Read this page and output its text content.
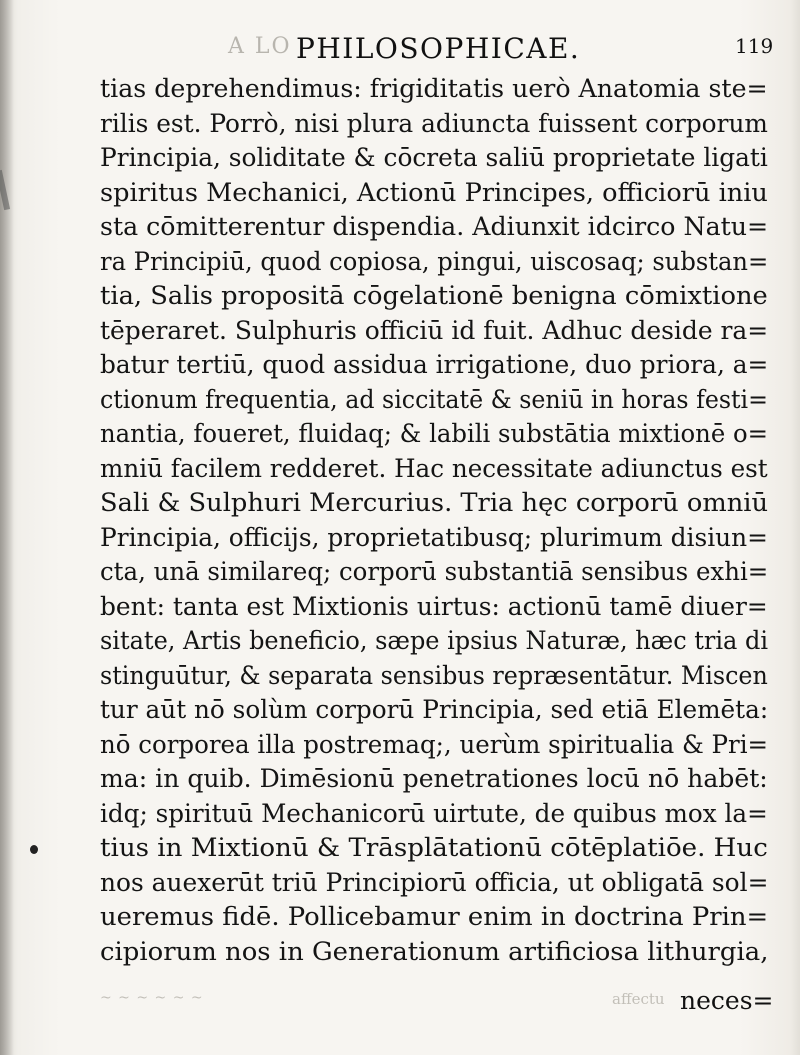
A LO
~ ~ ~ ~ ~ ~	affectu
PHILOSOPHICAE.	119
tias deprehendimus: frigiditatis uerò Anatomia ste=
rilis est. Porrò, nisi plura adiuncta fuissent corporum
Principia, soliditate & cōcreta saliū proprietate ligati
spiritus Mechanici, Actionū Principes, officiorū iniu
sta cōmitterentur dispendia. Adiunxit idcirco Natu=
ra Principiū, quod copiosa, pingui, uiscosaq; substan=
tia, Salis propositā cōgelationē benigna cōmixtione
tēperaret. Sulphuris officiū id fuit. Adhuc deside ra=
batur tertiū, quod assidua irrigatione, duo priora, a=
ctionum frequentia, ad siccitatē & seniū in horas festi=
nantia, foueret, fluidaq; & labili substātia mixtionē o=
mniū facilem redderet. Hac necessitate adiunctus est
Sali & Sulphuri Mercurius. Tria hęc corporū omniū
Principia, officijs, proprietatibusq; plurimum disiun=
cta, unā similareq; corporū substantiā sensibus exhi=
bent: tanta est Mixtionis uirtus: actionū tamē diuer=
sitate, Artis beneficio, sæpe ipsius Naturæ, hæc tria di
stinguūtur, & separata sensibus repræsentātur. Miscen
tur aūt nō solùm corporū Principia, sed etiā Elemēta:
nō corporea illa postremaq;, uerùm spiritualia & Pri=
ma: in quib. Dimēsionū penetrationes locū nō habēt:
idq; spirituū Mechanicorū uirtute, de quibus mox la=
tius in Mixtionū & Trāsplātationū cōtēplatiōe. Huc
nos auexerūt triū Principiorū officia, ut obligatā sol=
ueremus fidē. Pollicebamur enim in doctrina Prin=
cipiorum nos in Generationum artificiosa lithurgia,
neces=
